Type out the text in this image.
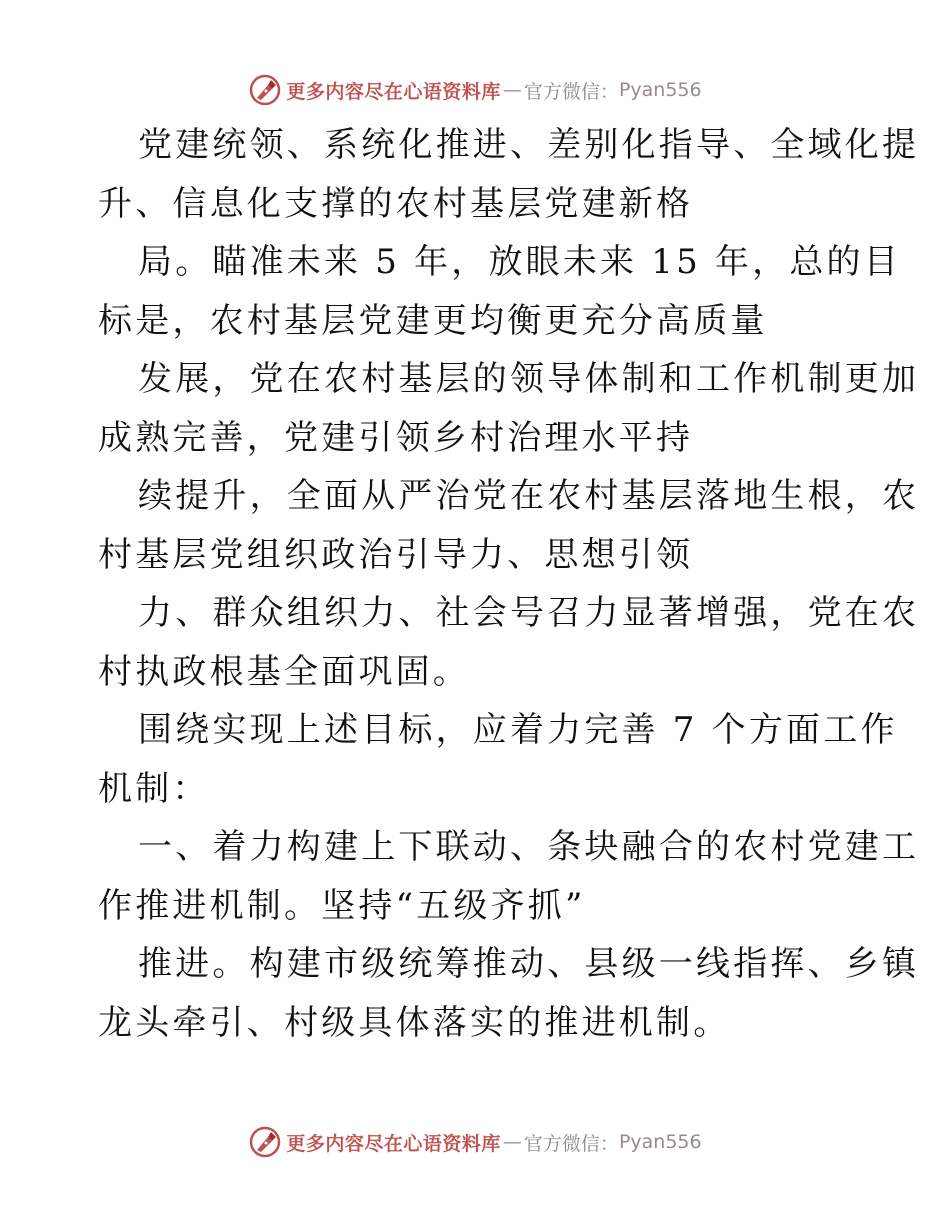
更多内容尽在心语资料库 — 官方微信： Pyan556
党建统领、系统化推进、差别化指导、全域化提
升、信息化支撑的农村基层党建新格
局。瞄准未来 5 年，放眼未来 15 年，总的目
标是，农村基层党建更均衡更充分高质量
发展，党在农村基层的领导体制和工作机制更加
成熟完善，党建引领乡村治理水平持
续提升，全面从严治党在农村基层落地生根，农
村基层党组织政治引导力、思想引领
力、群众组织力、社会号召力显著增强，党在农
村执政根基全面巩固。
围绕实现上述目标，应着力完善 7 个方面工作
机制：
一、着力构建上下联动、条块融合的农村党建工
作推进机制。坚持“五级齐抓”
推进。构建市级统筹推动、县级一线指挥、乡镇
龙头牵引、村级具体落实的推进机制。
更多内容尽在心语资料库 — 官方微信： Pyan556
